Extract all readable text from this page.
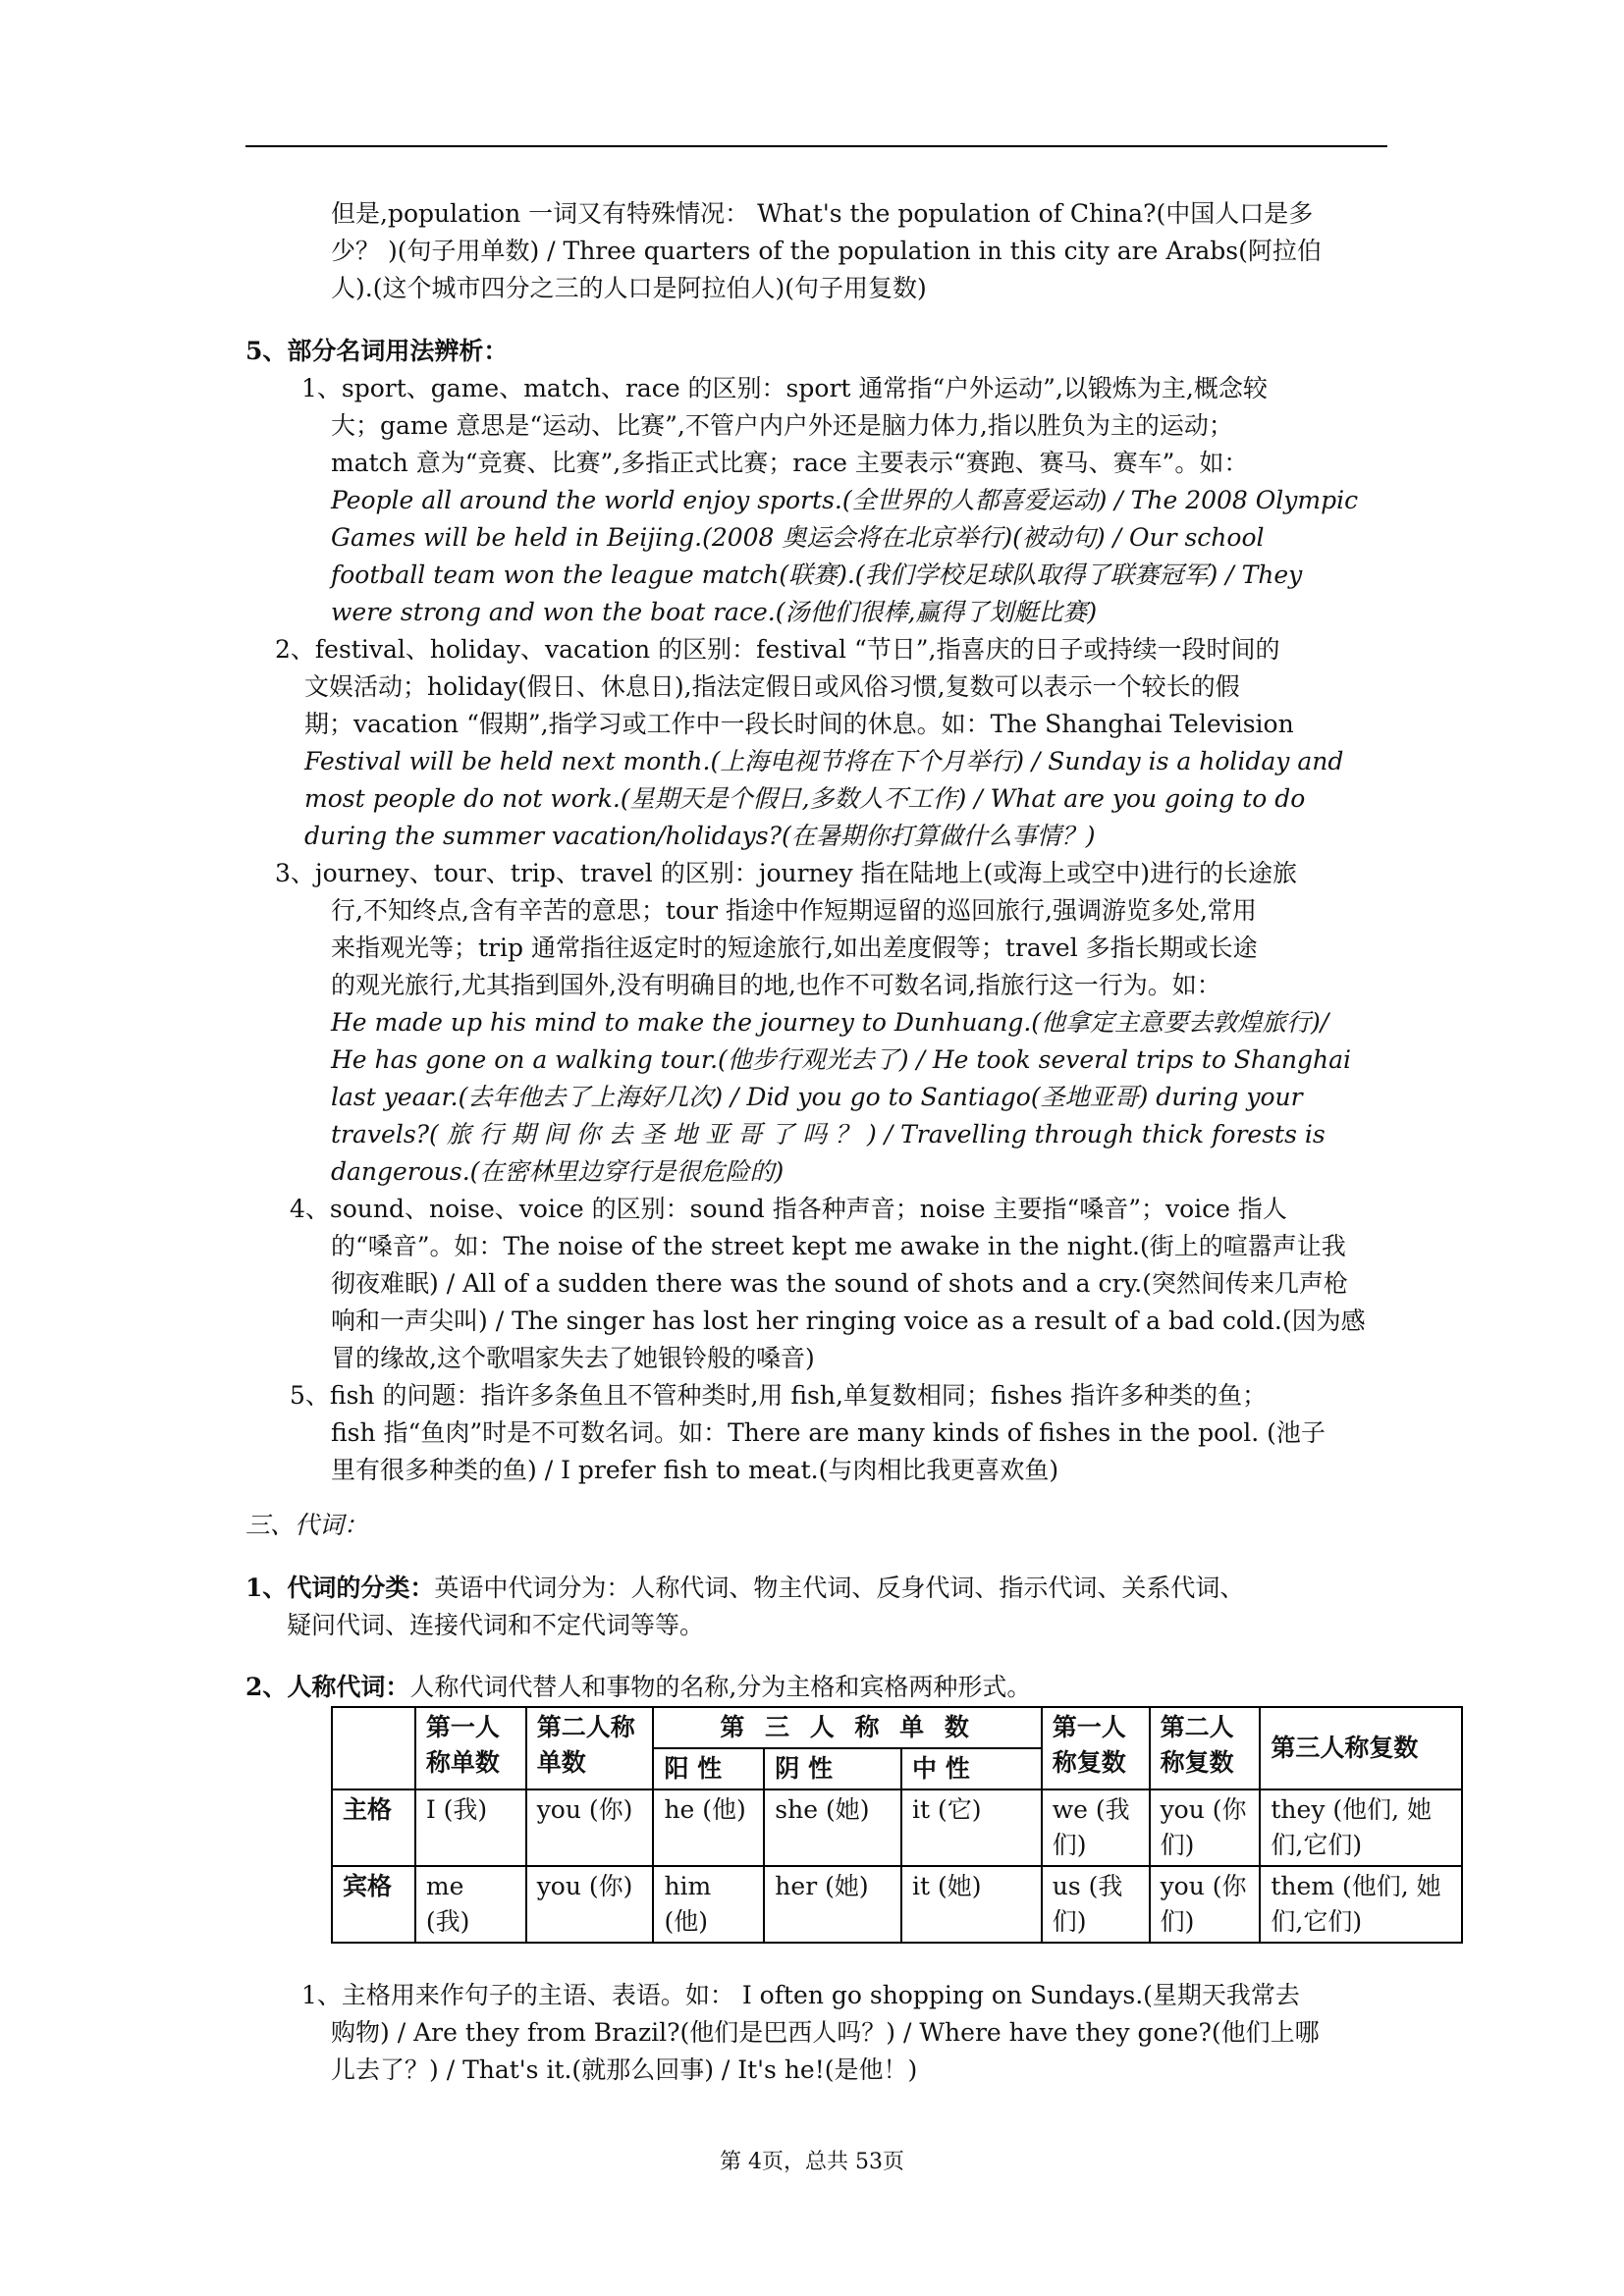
但是,population 一词又有特殊情况： What's the population of China?(中国人口是多

少？ )(句子用单数) / Three quarters of the population in this city are Arabs(阿拉伯

人).(这个城市四分之三的人口是阿拉伯人)(句子用复数)

5、部分名词用法辨析：

1、sport、game、match、race 的区别：sport 通常指“户外运动”,以锻炼为主,概念较

大；game 意思是“运动、比赛”,不管户内户外还是脑力体力,指以胜负为主的运动；

match 意为“竞赛、比赛”,多指正式比赛；race 主要表示“赛跑、赛马、赛车”。如：

People all around the world enjoy sports.(全世界的人都喜爱运动) / The 2008 Olympic

Games will be held in Beijing.(2008 奥运会将在北京举行)(被动句) / Our school

football team won the league match(联赛).(我们学校足球队取得了联赛冠军) / They

were strong and won the boat race.(汤他们很棒,赢得了划艇比赛)

2、festival、holiday、vacation 的区别：festival “节日”,指喜庆的日子或持续一段时间的

文娱活动；holiday(假日、休息日),指法定假日或风俗习惯,复数可以表示一个较长的假

期；vacation “假期”,指学习或工作中一段长时间的休息。如：The Shanghai Television

Festival will be held next month.(上海电视节将在下个月举行) / Sunday is a holiday and

most people do not work.(星期天是个假日,多数人不工作) / What are you going to do

during the summer vacation/holidays?(在暑期你打算做什么事情？)

3、journey、tour、trip、travel 的区别：journey 指在陆地上(或海上或空中)进行的长途旅

行,不知终点,含有辛苦的意思；tour 指途中作短期逗留的巡回旅行,强调游览多处,常用

来指观光等；trip 通常指往返定时的短途旅行,如出差度假等；travel 多指长期或长途

的观光旅行,尤其指到国外,没有明确目的地,也作不可数名词,指旅行这一行为。如：

He made up his mind to make the journey to Dunhuang.(他拿定主意要去敦煌旅行)/

He has gone on a walking tour.(他步行观光去了) / He took several trips to Shanghai

last yeaar.(去年他去了上海好几次) / Did you go to Santiago(圣地亚哥) during your

travels?( 旅 行 期 间 你 去 圣 地 亚 哥 了 吗 ？ ) / Travelling through thick forests is

dangerous.(在密林里边穿行是很危险的)

4、sound、noise、voice 的区别：sound 指各种声音；noise 主要指“嗓音”；voice 指人

的“嗓音”。如：The noise of the street kept me awake in the night.(街上的喧嚣声让我

彻夜难眠) / All of a sudden there was the sound of shots and a cry.(突然间传来几声枪

响和一声尖叫) / The singer has lost her ringing voice as a result of a bad cold.(因为感

冒的缘故,这个歌唱家失去了她银铃般的嗓音)

5、fish 的问题：指许多条鱼且不管种类时,用 fish,单复数相同；fishes 指许多种类的鱼；

fish 指“鱼肉”时是不可数名词。如：There are many kinds of fishes in the pool. (池子

里有很多种类的鱼) / I prefer fish to meat.(与肉相比我更喜欢鱼)

三、代词：

1、代词的分类：英语中代词分为：人称代词、物主代词、反身代词、指示代词、关系代词、

疑问代词、连接代词和不定代词等等。

2、人称代词：人称代词代替人和事物的名称,分为主格和宾格两种形式。

	第一人称单数	第二人称单数	第 三 人 称 单 数			第一人称复数	第二人称复数	第三人称复数
			阳 性	阴 性	中 性			
主格	I (我)	you (你)	he (他)	she (她)	it (它)	we (我们)	you (你们)	they (他们, 她们,它们)
宾格	me (我)	you (你)	him (他)	her (她)	it (她)	us (我们)	you (你们)	them (他们, 她们,它们)

1、主格用来作句子的主语、表语。如： I often go shopping on Sundays.(星期天我常去

购物) / Are they from Brazil?(他们是巴西人吗？) / Where have they gone?(他们上哪

儿去了？) / That's it.(就那么回事) / It's he!(是他！)

第 4页，总共 53页
